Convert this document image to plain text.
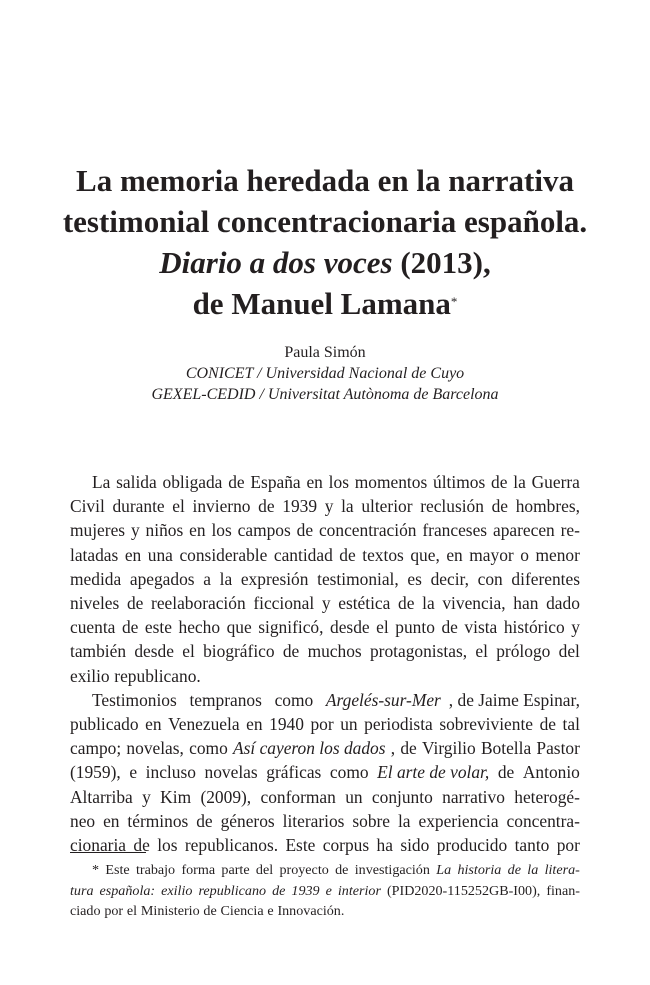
La memoria heredada en la narrativa
testimonial concentracionaria española.
Diario a dos voces (2013),
de Manuel Lamana*
Paula Simón
CONICET / Universidad Nacional de Cuyo
GEXEL-CEDID / Universitat Autònoma de Barcelona
La salida obligada de España en los momentos últimos de la Guerra
Civil durante el invierno de 1939 y la ulterior reclusión de hombres,
mujeres y niños en los campos de concentración franceses aparecen re-
latadas en una considerable cantidad de textos que, en mayor o menor
medida apegados a la expresión testimonial, es decir, con diferentes
niveles de reelaboración ficcional y estética de la vivencia, han dado
cuenta de este hecho que significó, desde el punto de vista histórico y
también desde el biográfico de muchos protagonistas, el prólogo del
exilio republicano.
Testimonios tempranos como Argelés-sur-Mer , de Jaime Espinar,
publicado en Venezuela en 1940 por un periodista sobreviviente de tal
campo; novelas, como Así cayeron los dados , de Virgilio Botella Pastor
(1959), e incluso novelas gráficas como El arte de volar, de Antonio
Altarriba y Kim (2009), conforman un conjunto narrativo heterogé-
neo en términos de géneros literarios sobre la experiencia concentra-
cionaria de los republicanos. Este corpus ha sido producido tanto por
* Este trabajo forma parte del proyecto de investigación La historia de la litera-
tura española: exilio republicano de 1939 e interior (PID2020-115252GB-I00), finan-
ciado por el Ministerio de Ciencia e Innovación.
